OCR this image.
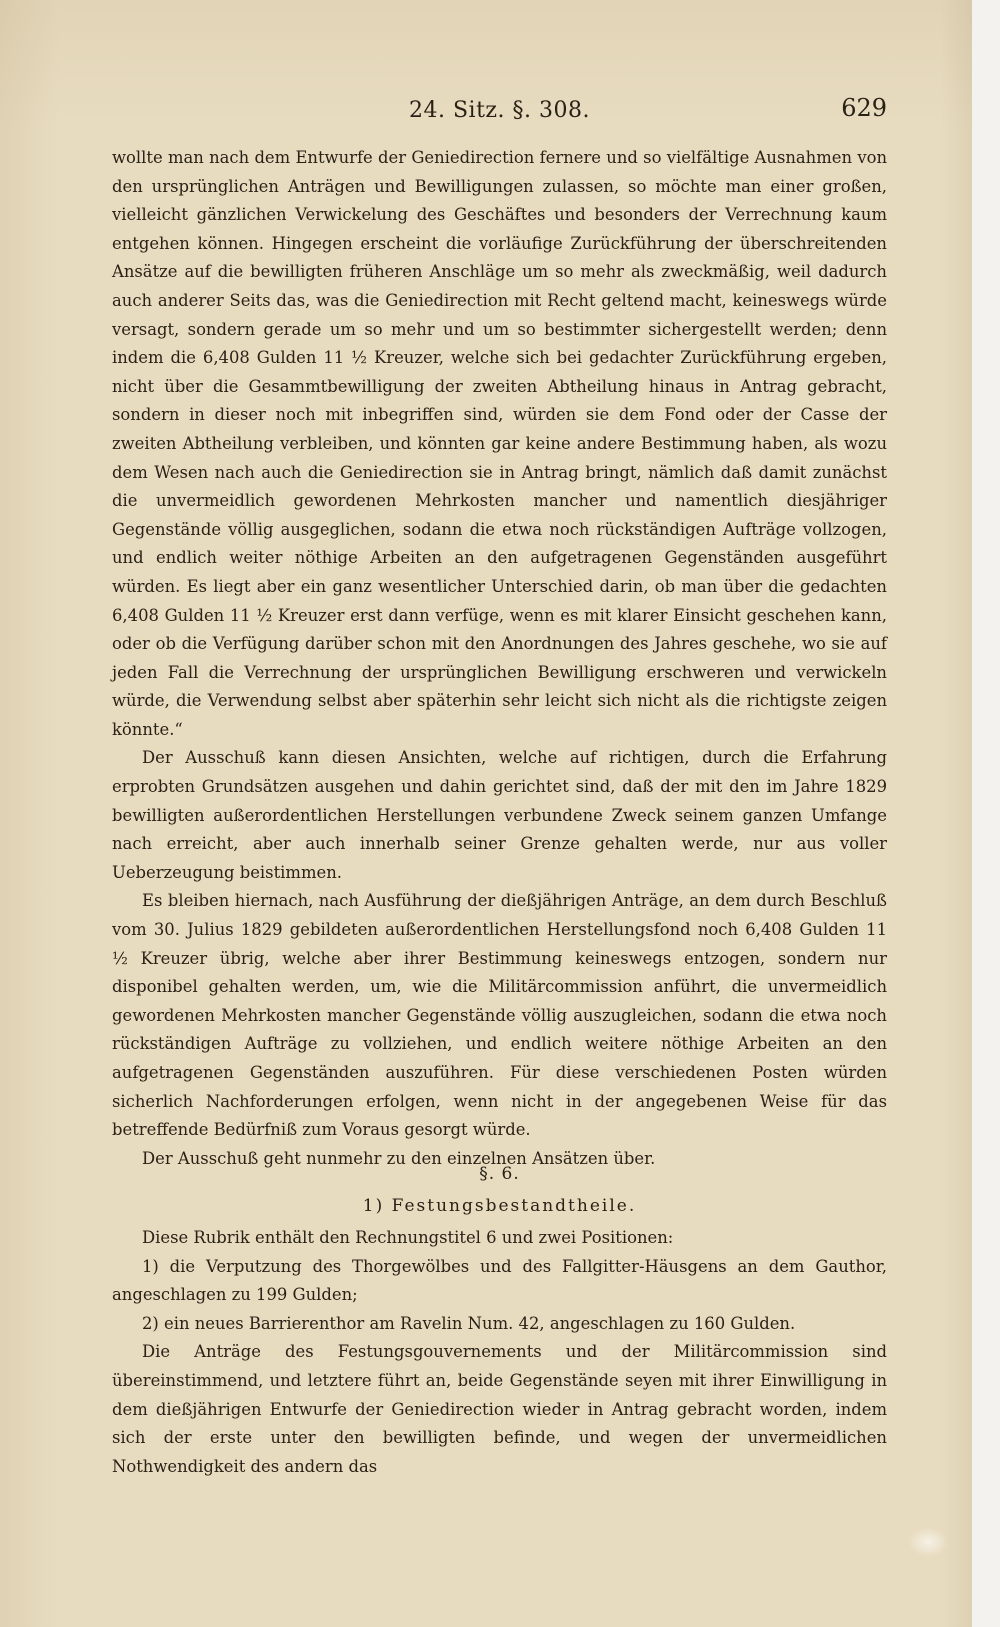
24. Sitz. §. 308.	629

wollte man nach dem Entwurfe der Geniedirection fernere und so vielfältige Ausnahmen von den ursprünglichen Anträgen und Bewilligungen zulassen, so möchte man einer großen, vielleicht gänzlichen Verwickelung des Geschäftes und besonders der Verrechnung kaum entgehen können. Hingegen erscheint die vorläufige Zurückführung der überschreitenden Ansätze auf die bewilligten früheren Anschläge um so mehr als zweckmäßig, weil dadurch auch anderer Seits das, was die Geniedirection mit Recht geltend macht, keineswegs würde versagt, sondern gerade um so mehr und um so bestimmter sichergestellt werden; denn indem die 6,408 Gulden 11 ½ Kreuzer, welche sich bei gedachter Zurückführung ergeben, nicht über die Gesammtbewilligung der zweiten Abtheilung hinaus in Antrag gebracht, sondern in dieser noch mit inbegriffen sind, würden sie dem Fond oder der Casse der zweiten Abtheilung verbleiben, und könnten gar keine andere Bestimmung haben, als wozu dem Wesen nach auch die Geniedirection sie in Antrag bringt, nämlich daß damit zunächst die unvermeidlich gewordenen Mehrkosten mancher und namentlich diesjähriger Gegenstände völlig ausgeglichen, sodann die etwa noch rückständigen Aufträge vollzogen, und endlich weiter nöthige Arbeiten an den aufgetragenen Gegenständen ausgeführt würden. Es liegt aber ein ganz wesentlicher Unterschied darin, ob man über die gedachten 6,408 Gulden 11 ½ Kreuzer erst dann verfüge, wenn es mit klarer Einsicht geschehen kann, oder ob die Verfügung darüber schon mit den Anordnungen des Jahres geschehe, wo sie auf jeden Fall die Verrechnung der ursprünglichen Bewilligung erschweren und verwickeln würde, die Verwendung selbst aber späterhin sehr leicht sich nicht als die richtigste zeigen könnte.“

Der Ausschuß kann diesen Ansichten, welche auf richtigen, durch die Erfahrung erprobten Grundsätzen ausgehen und dahin gerichtet sind, daß der mit den im Jahre 1829 bewilligten außerordentlichen Herstellungen verbundene Zweck seinem ganzen Umfange nach erreicht, aber auch innerhalb seiner Grenze gehalten werde, nur aus voller Ueberzeugung beistimmen.

Es bleiben hiernach, nach Ausführung der dießjährigen Anträge, an dem durch Beschluß vom 30. Julius 1829 gebildeten außerordentlichen Herstellungsfond noch 6,408 Gulden 11 ½ Kreuzer übrig, welche aber ihrer Bestimmung keineswegs entzogen, sondern nur disponibel gehalten werden, um, wie die Militärcommission anführt, die unvermeidlich gewordenen Mehrkosten mancher Gegenstände völlig auszugleichen, sodann die etwa noch rückständigen Aufträge zu vollziehen, und endlich weitere nöthige Arbeiten an den aufgetragenen Gegenständen auszuführen. Für diese verschiedenen Posten würden sicherlich Nachforderungen erfolgen, wenn nicht in der angegebenen Weise für das betreffende Bedürfniß zum Voraus gesorgt würde.

Der Ausschuß geht nunmehr zu den einzelnen Ansätzen über.

§. 6.
1) Festungsbestandtheile.

Diese Rubrik enthält den Rechnungstitel 6 und zwei Positionen:

1) die Verputzung des Thorgewölbes und des Fallgitter-Häusgens an dem Gauthor, angeschlagen zu 199 Gulden;

2) ein neues Barrierenthor am Ravelin Num. 42, angeschlagen zu 160 Gulden.

Die Anträge des Festungsgouvernements und der Militärcommission sind übereinstimmend, und letztere führt an, beide Gegenstände seyen mit ihrer Einwilligung in dem dießjährigen Entwurfe der Geniedirection wieder in Antrag gebracht worden, indem sich der erste unter den bewilligten befinde, und wegen der unvermeidlichen Nothwendigkeit des andern das
